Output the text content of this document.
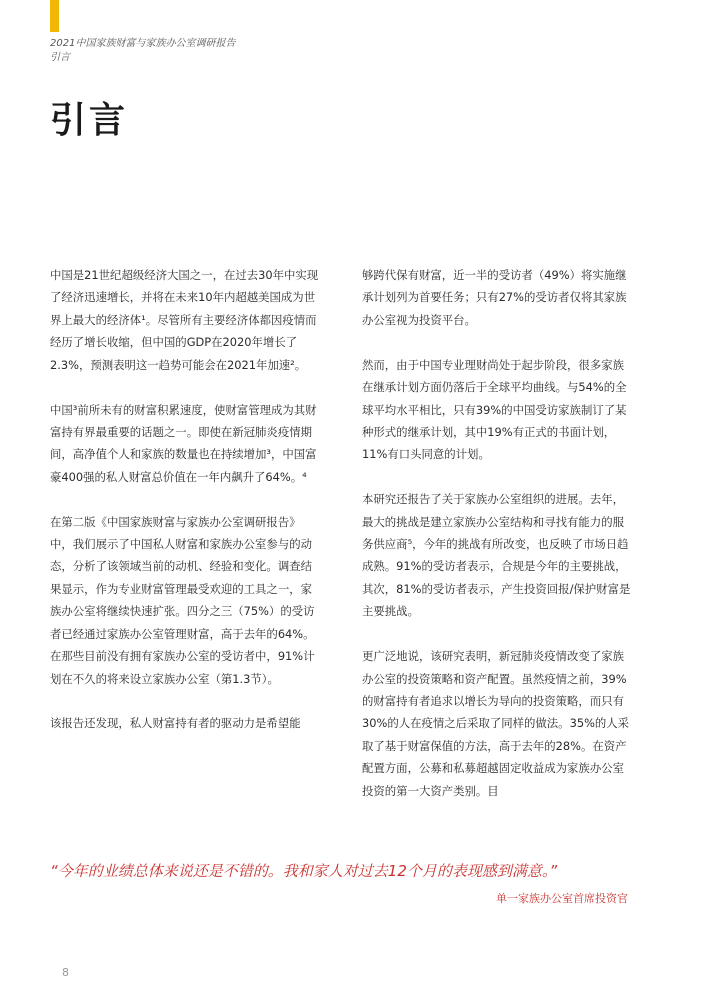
2021中国家族财富与家族办公室调研报告
引言
引言

中国是21世纪超级经济大国之一，在过去30年中实现了经济迅速增长，并将在未来10年内超越美国成为世界上最大的经济体¹。尽管所有主要经济体都因疫情而经历了增长收缩，但中国的GDP在2020年增长了2.3%，预测表明这一趋势可能会在2021年加速²。

中国³前所未有的财富积累速度，使财富管理成为其财富持有界最重要的话题之一。即使在新冠肺炎疫情期间，高净值个人和家族的数量也在持续增加³，中国富豪400强的私人财富总价值在一年内飙升了64%。⁴

在第二版《中国家族财富与家族办公室调研报告》中，我们展示了中国私人财富和家族办公室参与的动态，分析了该领域当前的动机、经验和变化。调查结果显示，作为专业财富管理最受欢迎的工具之一，家族办公室将继续快速扩张。四分之三（75%）的受访者已经通过家族办公室管理财富，高于去年的64%。在那些目前没有拥有家族办公室的受访者中，91%计划在不久的将来设立家族办公室（第1.3节）。

该报告还发现，私人财富持有者的驱动力是希望能

够跨代保有财富，近一半的受访者（49%）将实施继承计划列为首要任务；只有27%的受访者仅将其家族办公室视为投资平台。

然而，由于中国专业理财尚处于起步阶段，很多家族在继承计划方面仍落后于全球平均曲线。与54%的全球平均水平相比，只有39%的中国受访家族制订了某种形式的继承计划，其中19%有正式的书面计划，11%有口头同意的计划。

本研究还报告了关于家族办公室组织的进展。去年，最大的挑战是建立家族办公室结构和寻找有能力的服务供应商⁵，今年的挑战有所改变，也反映了市场日趋成熟。91%的受访者表示，合规是今年的主要挑战，其次，81%的受访者表示，产生投资回报/保护财富是主要挑战。

更广泛地说，该研究表明，新冠肺炎疫情改变了家族办公室的投资策略和资产配置。虽然疫情之前，39%的财富持有者追求以增长为导向的投资策略，而只有30%的人在疫情之后采取了同样的做法。35%的人采取了基于财富保值的方法，高于去年的28%。在资产配置方面，公募和私募超越固定收益成为家族办公室投资的第一大资产类别。目

“今年的业绩总体来说还是不错的。我和家人对过去12个月的表现感到满意。”
单一家族办公室首席投资官
8
